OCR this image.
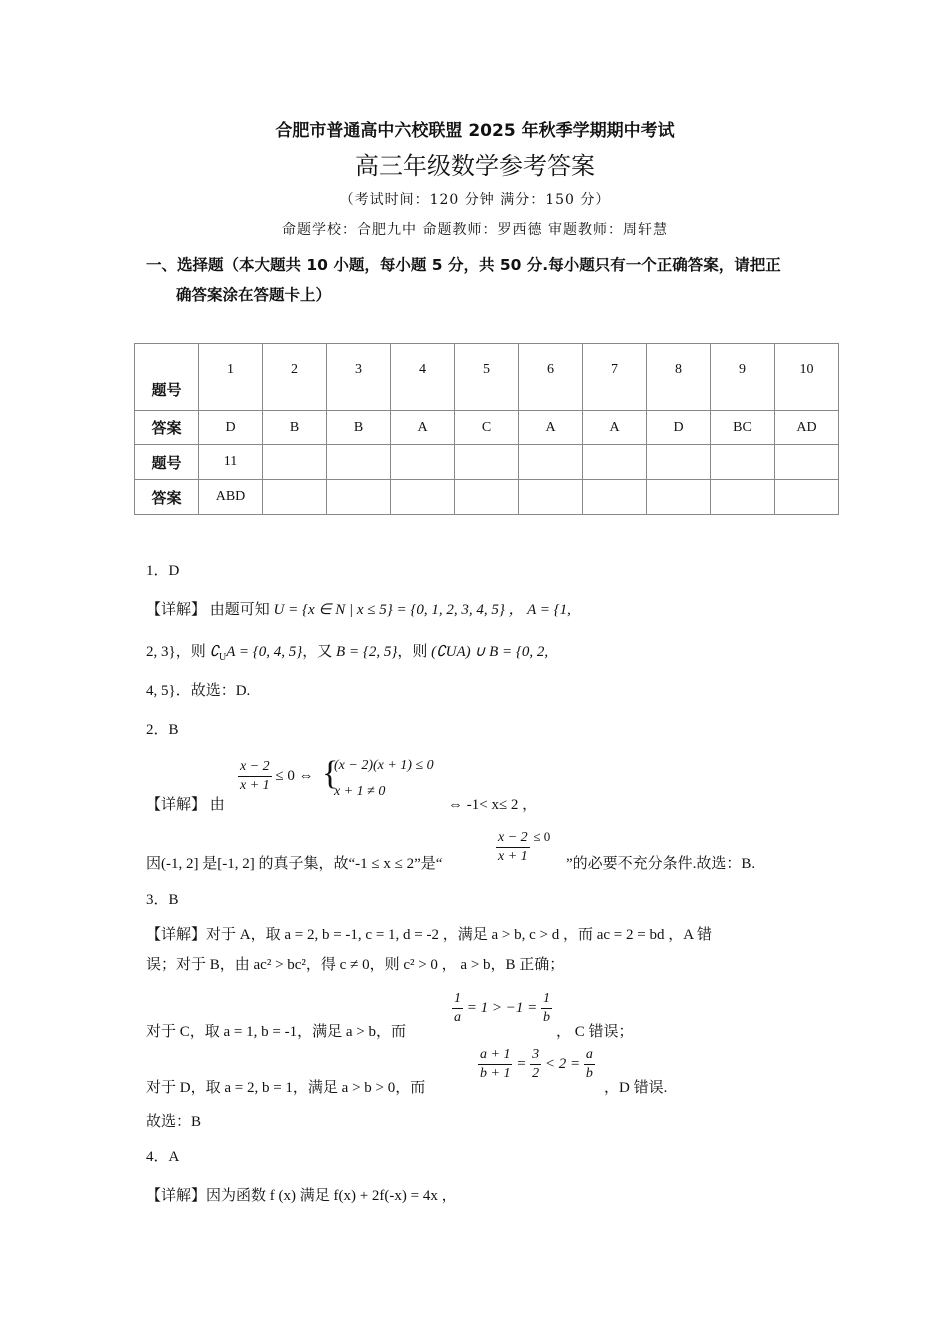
合肥市普通高中六校联盟 2025 年秋季学期期中考试
高三年级数学参考答案
（考试时间：120 分钟 满分：150 分）
命题学校：合肥九中 命题教师：罗西德 审题教师：周轩慧
一、选择题（本大题共 10 小题，每小题 5 分，共 50 分.每小题只有一个正确答案，请把正
确答案涂在答题卡上）
题号	1	2	3	4	5	6	7	8	9	10
答案	D	B	B	A	C	A	A	D	BC	AD
题号	11									
答案	ABD									
1．D
【详解】 由题可知 U = {x ∈ N | x ≤ 5} = {0, 1, 2, 3, 4, 5} ， A = {1,
2, 3}，则 $∁_UA = \{0$, 4, 5}，又 B = {2, 5}，则 (∁UA) ∪ B = {0, 2,
4, 5}．故选：D.
2．B
【详解】 由
$\frac{x - 2}{x + 1} \le 0$ ⇔ {
(x − 2)(x + 1) ≤ 0
x + 1 ≠ 0
⇔ -1< x≤ 2 ，
因(-1, 2] 是[-1, 2] 的真子集，故“-1 ≤ x ≤ 2”是“	$\frac{x - 2}{x + 1} \le 0$
”的必要不充分条件.故选：B.
3．B
【详解】对于 A，取 a = 2, b = -1, c = 1, d = -2 ，满足 a > b, c > d ，而 ac = 2 = bd ，A 错
误；对于 B，由 ac² > bc²，得 c ≠ 0，则 c² > 0 ， a > b，B 正确；
对于 C，取 a = 1, b = -1，满足 a > b，而
$\frac{1}{a} = 1 > -1 = \frac{1}{b}$
， C 错误；
对于 D，取 a = 2, b = 1，满足 a > b > 0，而
$\frac{a + 1}{b + 1} = \frac{3}{2} < 2 = \frac{a}{b}$
，D 错误.
故选：B
4．A
【详解】因为函数 f (x) 满足 f(x) + 2f(-x) = 4x ，
